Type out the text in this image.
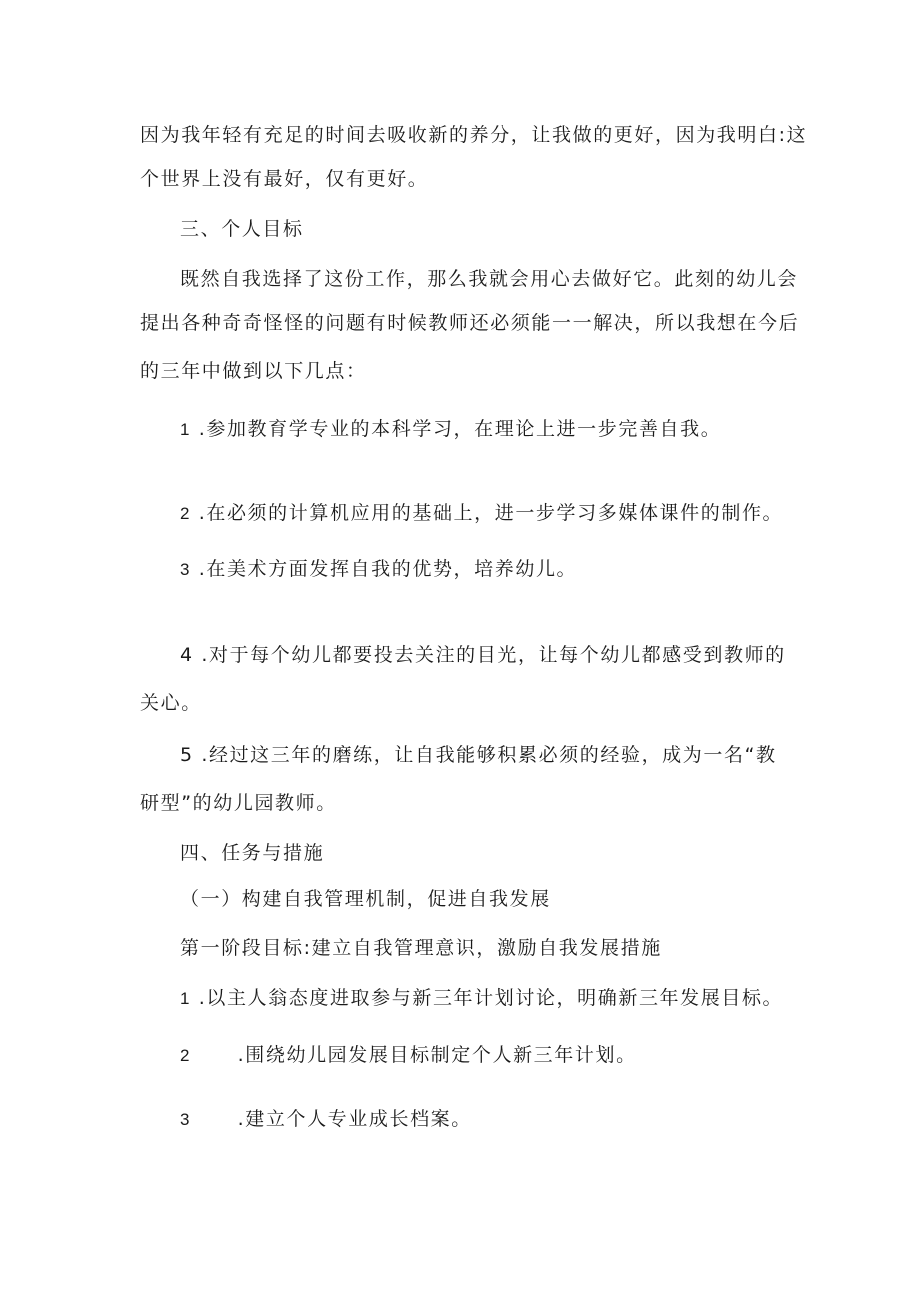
因为我年轻有充足的时间去吸收新的养分，让我做的更好，因为我明白:这
个世界上没有最好，仅有更好。
三、个人目标
既然自我选择了这份工作，那么我就会用心去做好它。此刻的幼儿会
提出各种奇奇怪怪的问题有时候教师还必须能一一解决，所以我想在今后
的三年中做到以下几点：
1 .参加教育学专业的本科学习，在理论上进一步完善自我。
2 .在必须的计算机应用的基础上，进一步学习多媒体课件的制作。
3 .在美术方面发挥自我的优势，培养幼儿。
4 .对于每个幼儿都要投去关注的目光，让每个幼儿都感受到教师的
关心。
5 .经过这三年的磨练，让自我能够积累必须的经验，成为一名“教
研型”的幼儿园教师。
四、任务与措施
（一）构建自我管理机制，促进自我发展
第一阶段目标:建立自我管理意识，激励自我发展措施
1 .以主人翁态度进取参与新三年计划讨论，明确新三年发展目标。
2 .围绕幼儿园发展目标制定个人新三年计划。
3 .建立个人专业成长档案。
